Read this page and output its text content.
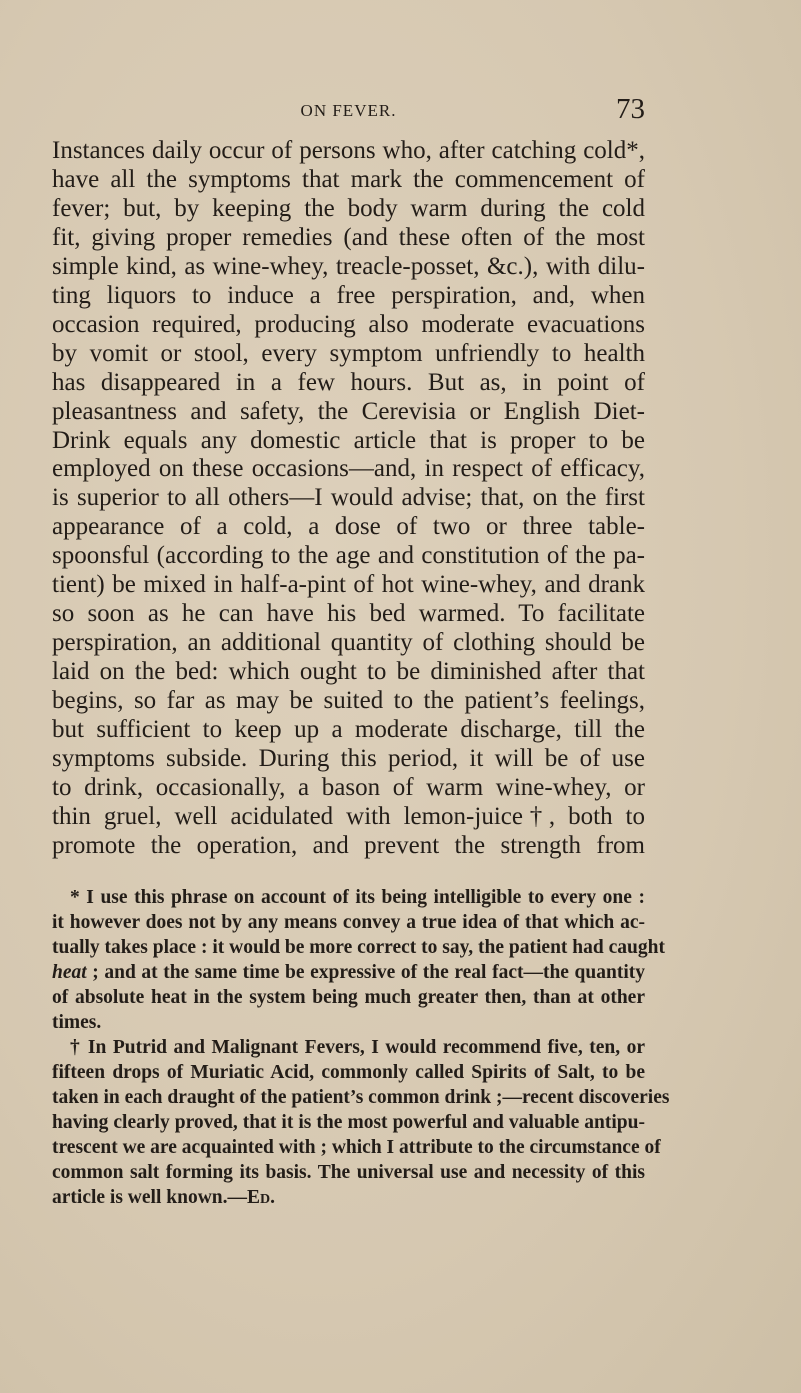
ON FEVER.	73
Instances daily occur of persons who, after catching cold*,
have all the symptoms that mark the commencement of
fever; but, by keeping the body warm during the cold
fit, giving proper remedies (and these often of the most
simple kind, as wine-whey, treacle-posset, &c.), with dilu-
ting liquors to induce a free perspiration, and, when
occasion required, producing also moderate evacuations
by vomit or stool, every symptom unfriendly to health
has disappeared in a few hours. But as, in point of
pleasantness and safety, the Cerevisia or English Diet-
Drink equals any domestic article that is proper to be
employed on these occasions—and, in respect of efficacy,
is superior to all others—I would advise; that, on the first
appearance of a cold, a dose of two or three table-
spoonsful (according to the age and constitution of the pa-
tient) be mixed in half-a-pint of hot wine-whey, and drank
so soon as he can have his bed warmed. To facilitate
perspiration, an additional quantity of clothing should be
laid on the bed: which ought to be diminished after that
begins, so far as may be suited to the patient’s feelings,
but sufficient to keep up a moderate discharge, till the
symptoms subside. During this period, it will be of use
to drink, occasionally, a bason of warm wine-whey, or
thin gruel, well acidulated with lemon-juice†, both to
promote the operation, and prevent the strength from
* I use this phrase on account of its being intelligible to every one :
it however does not by any means convey a true idea of that which ac-
tually takes place : it would be more correct to say, the patient had caught
heat ; and at the same time be expressive of the real fact—the quantity
of absolute heat in the system being much greater then, than at other
times.
† In Putrid and Malignant Fevers, I would recommend five, ten, or
fifteen drops of Muriatic Acid, commonly called Spirits of Salt, to be
taken in each draught of the patient’s common drink ;—recent discoveries
having clearly proved, that it is the most powerful and valuable antipu-
trescent we are acquainted with ; which I attribute to the circumstance of
common salt forming its basis. The universal use and necessity of this
article is well known.—Ed.
